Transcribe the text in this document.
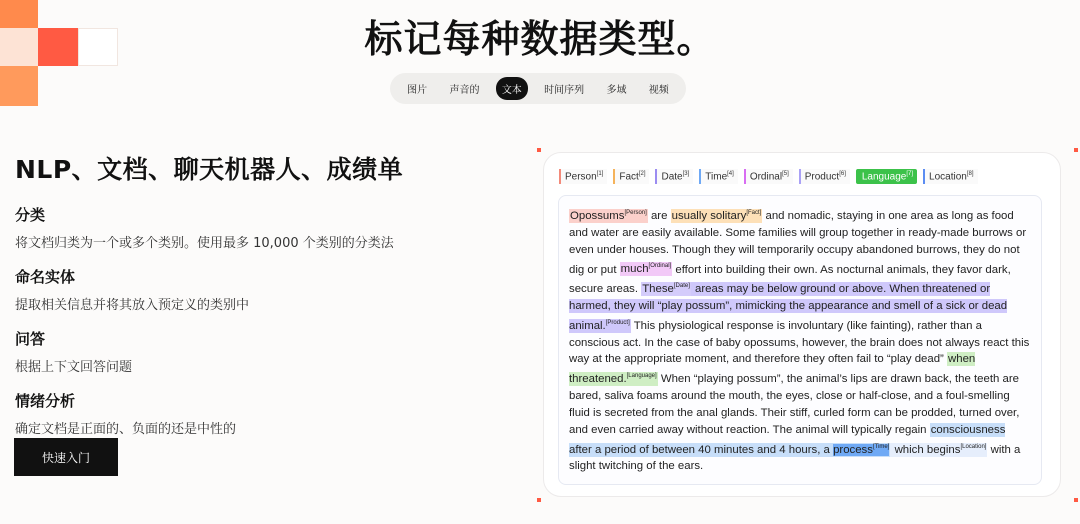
标记每种数据类型。
图片	声音的	文本	时间序列	多域	视频
NLP、文档、聊天机器人、成绩单
分类
将文档归类为一个或多个类别。使用最多 10,000 个类别的分类法
命名实体
提取相关信息并将其放入预定义的类别中
问答
根据上下文回答问题
情绪分析
确定文档是正面的、负面的还是中性的
快速入门
Person[1]	Fact[2]	Date[3]	Time[4]	Ordinal[5]	Product[6]	Language[7]	Location[8]
Opossums[Person] are usually solitary[Fact] and nomadic, staying in one area as long as food and water are easily available. Some families will group together in ready-made burrows or even under houses. Though they will temporarily occupy abandoned burrows, they do not dig or put much[Ordinal] effort into building their own. As nocturnal animals, they favor dark, secure areas. These[Date] areas may be below ground or above. When threatened or harmed, they will “play possum”, mimicking the appearance and smell of a sick or dead animal.[Product] This physiological response is involuntary (like fainting), rather than a conscious act. In the case of baby opossums, however, the brain does not always react this way at the appropriate moment, and therefore they often fail to “play dead” when threatened.[Language] When “playing possum”, the animal’s lips are drawn back, the teeth are bared, saliva foams around the mouth, the eyes, close or half-close, and a foul-smelling fluid is secreted from the anal glands. Their stiff, curled form can be prodded, turned over, and even carried away without reaction. The animal will typically regain consciousness after a period of between 40 minutes and 4 hours, a process[Time] which begins[Location] with a slight twitching of the ears.
